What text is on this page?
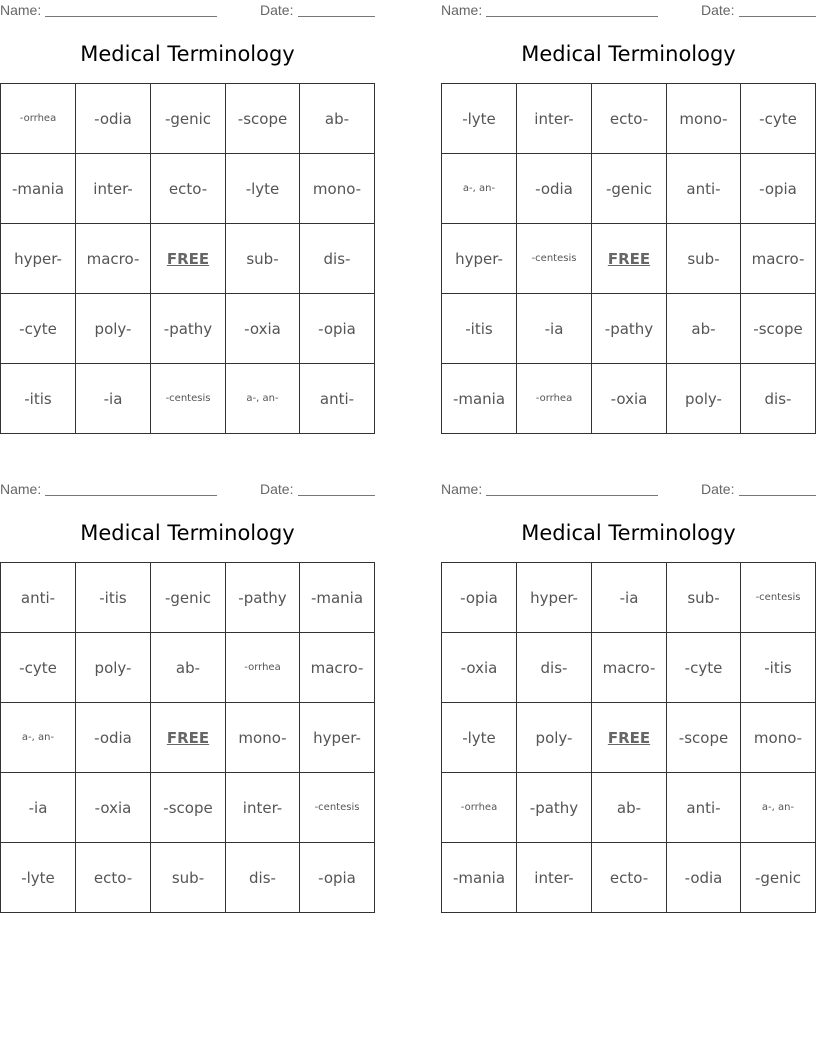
Name:	Date:
Medical Terminology
-orrhea	-odia	-genic	-scope	ab-
-mania	inter-	ecto-	-lyte	mono-
hyper-	macro-	FREE	sub-	dis-
-cyte	poly-	-pathy	-oxia	-opia
-itis	-ia	-centesis	a-, an-	anti-
Name:	Date:
Medical Terminology
-lyte	inter-	ecto-	mono-	-cyte
a-, an-	-odia	-genic	anti-	-opia
hyper-	-centesis	FREE	sub-	macro-
-itis	-ia	-pathy	ab-	-scope
-mania	-orrhea	-oxia	poly-	dis-
Name:	Date:
Medical Terminology
anti-	-itis	-genic	-pathy	-mania
-cyte	poly-	ab-	-orrhea	macro-
a-, an-	-odia	FREE	mono-	hyper-
-ia	-oxia	-scope	inter-	-centesis
-lyte	ecto-	sub-	dis-	-opia
Name:	Date:
Medical Terminology
-opia	hyper-	-ia	sub-	-centesis
-oxia	dis-	macro-	-cyte	-itis
-lyte	poly-	FREE	-scope	mono-
-orrhea	-pathy	ab-	anti-	a-, an-
-mania	inter-	ecto-	-odia	-genic
